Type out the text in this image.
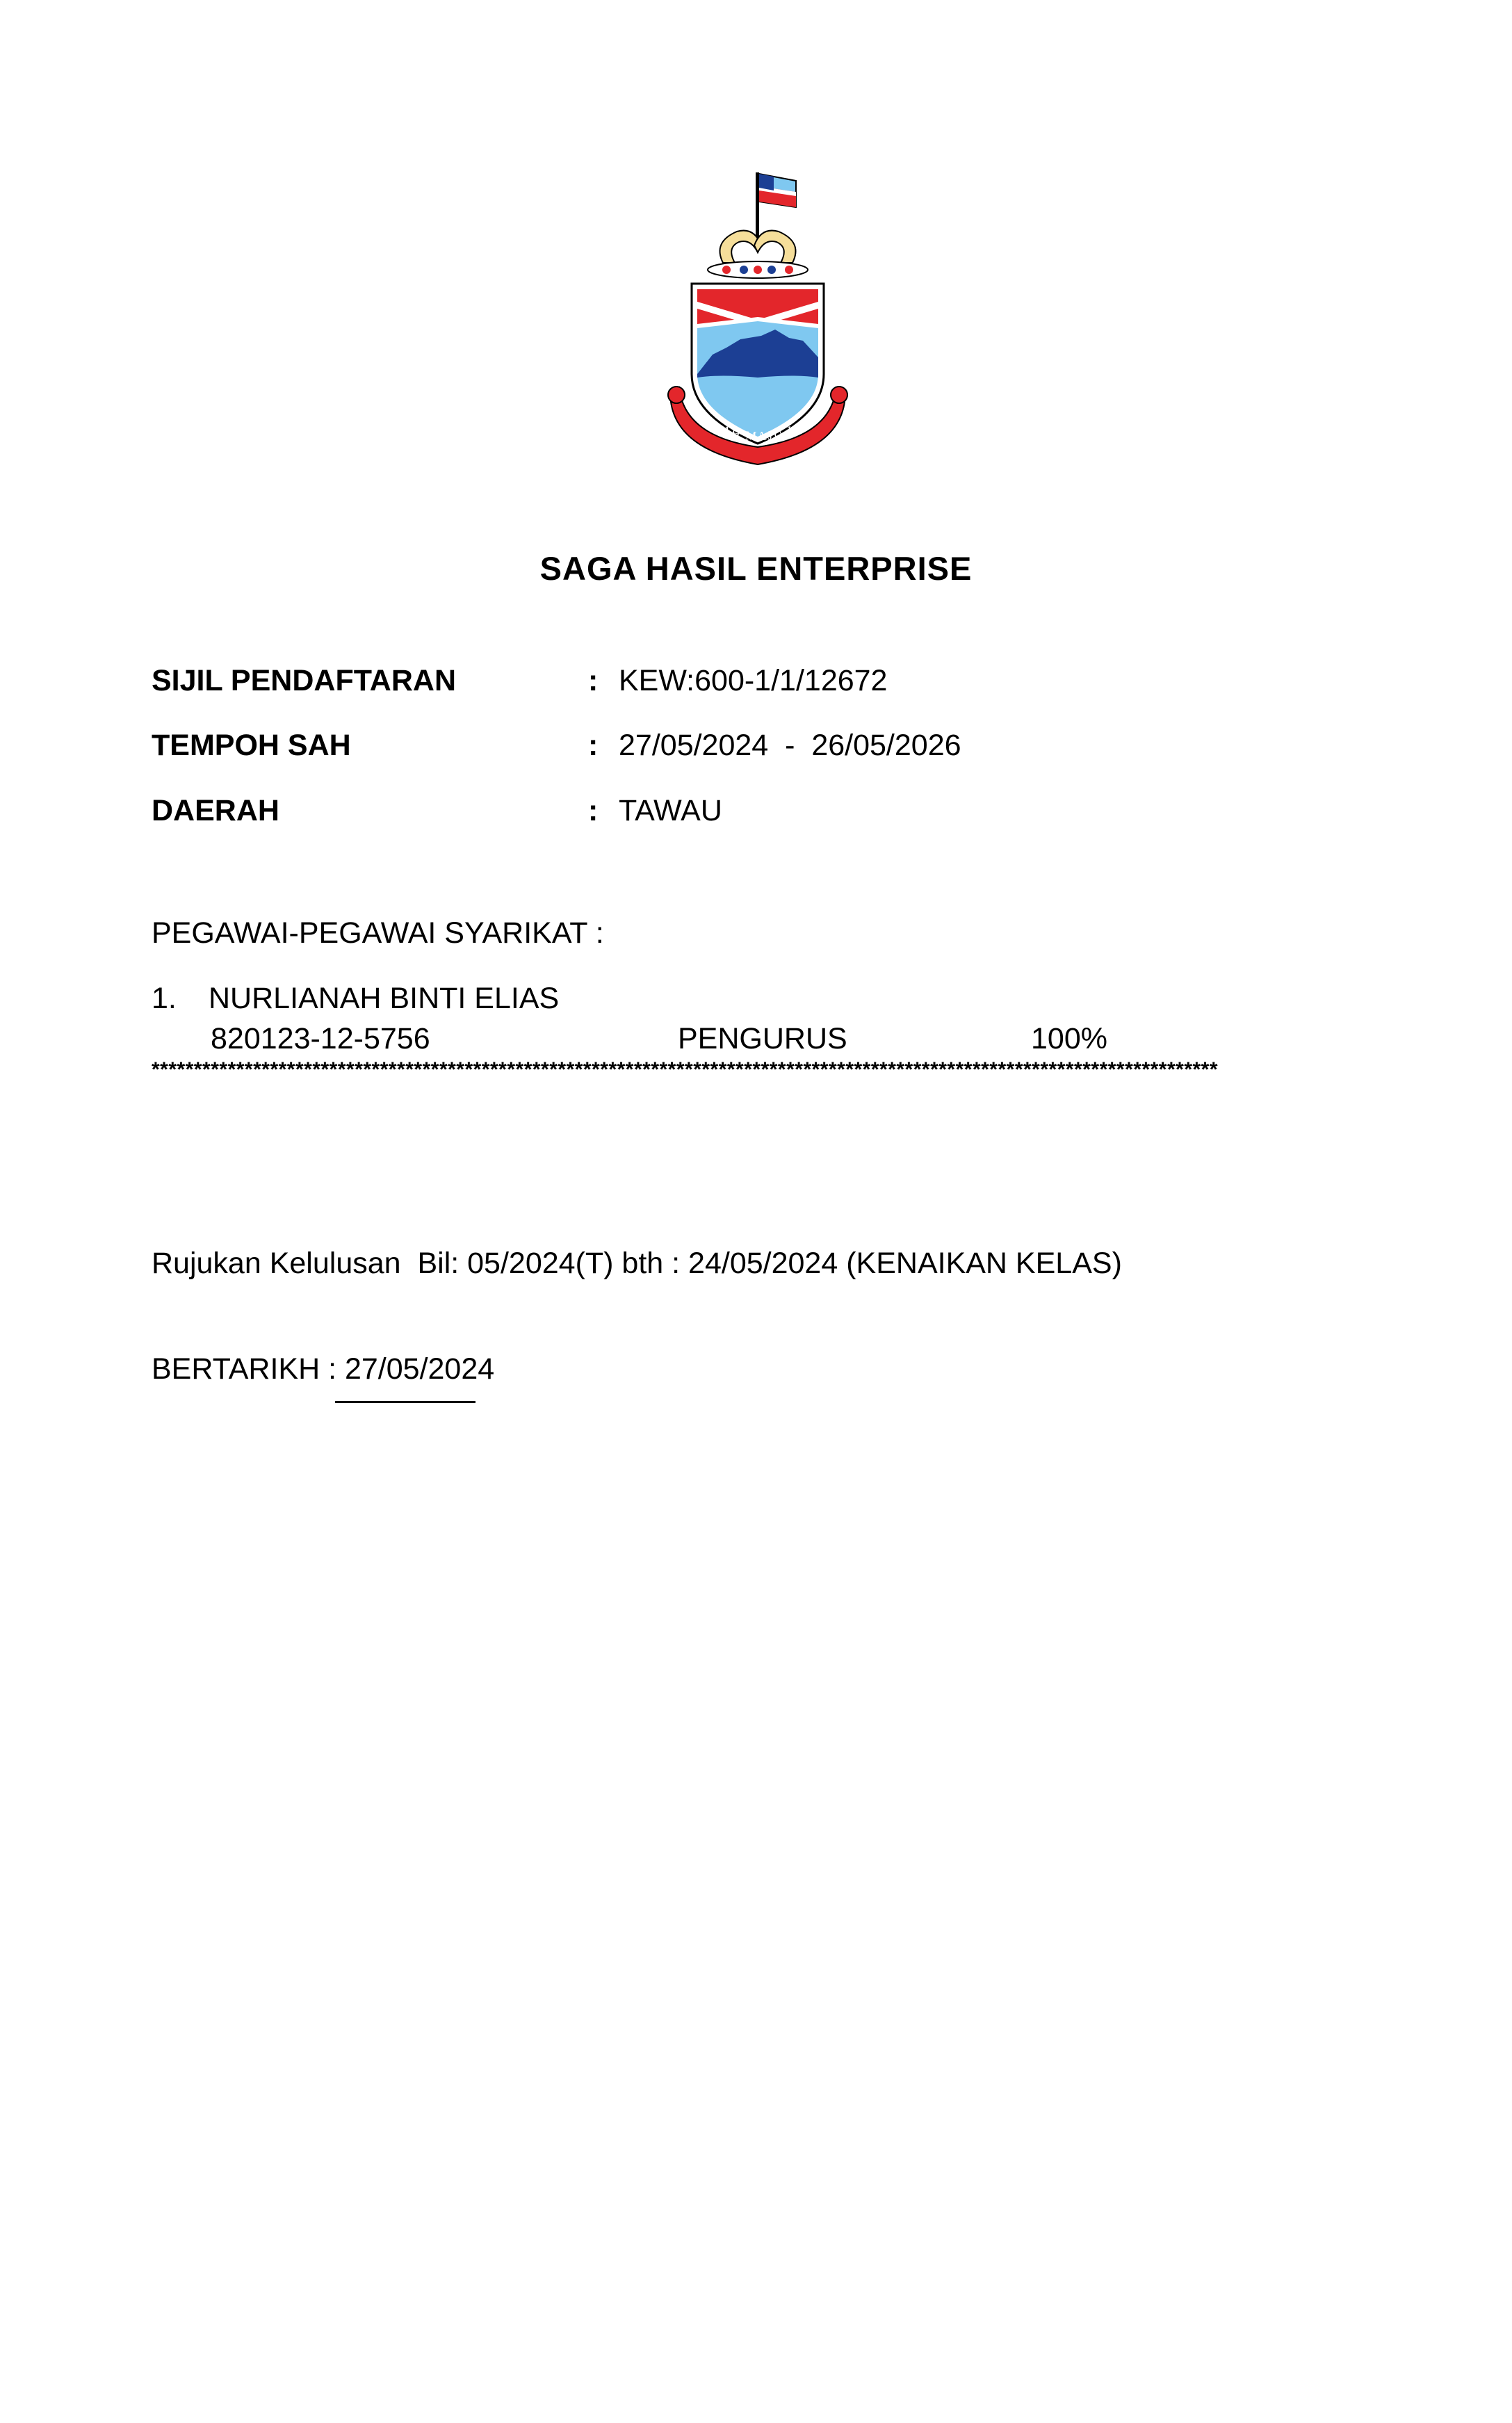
SABAH MAJU JAYA
SAGA HASIL ENTERPRISE
SIJIL PENDAFTARAN	: KEW:600-1/1/12672
TEMPOH SAH	: 27/05/2024  -  26/05/2026
DAERAH	: TAWAU
PEGAWAI-PEGAWAI SYARIKAT :
1. NURLIANAH BINTI ELIAS
820123-12-5756	PENGURUS	100%
******************************************************************************************************************************
Rujukan Kelulusan  Bil: 05/2024(T) bth : 24/05/2024 (KENAIKAN KELAS)
BERTARIKH : 27/05/2024
